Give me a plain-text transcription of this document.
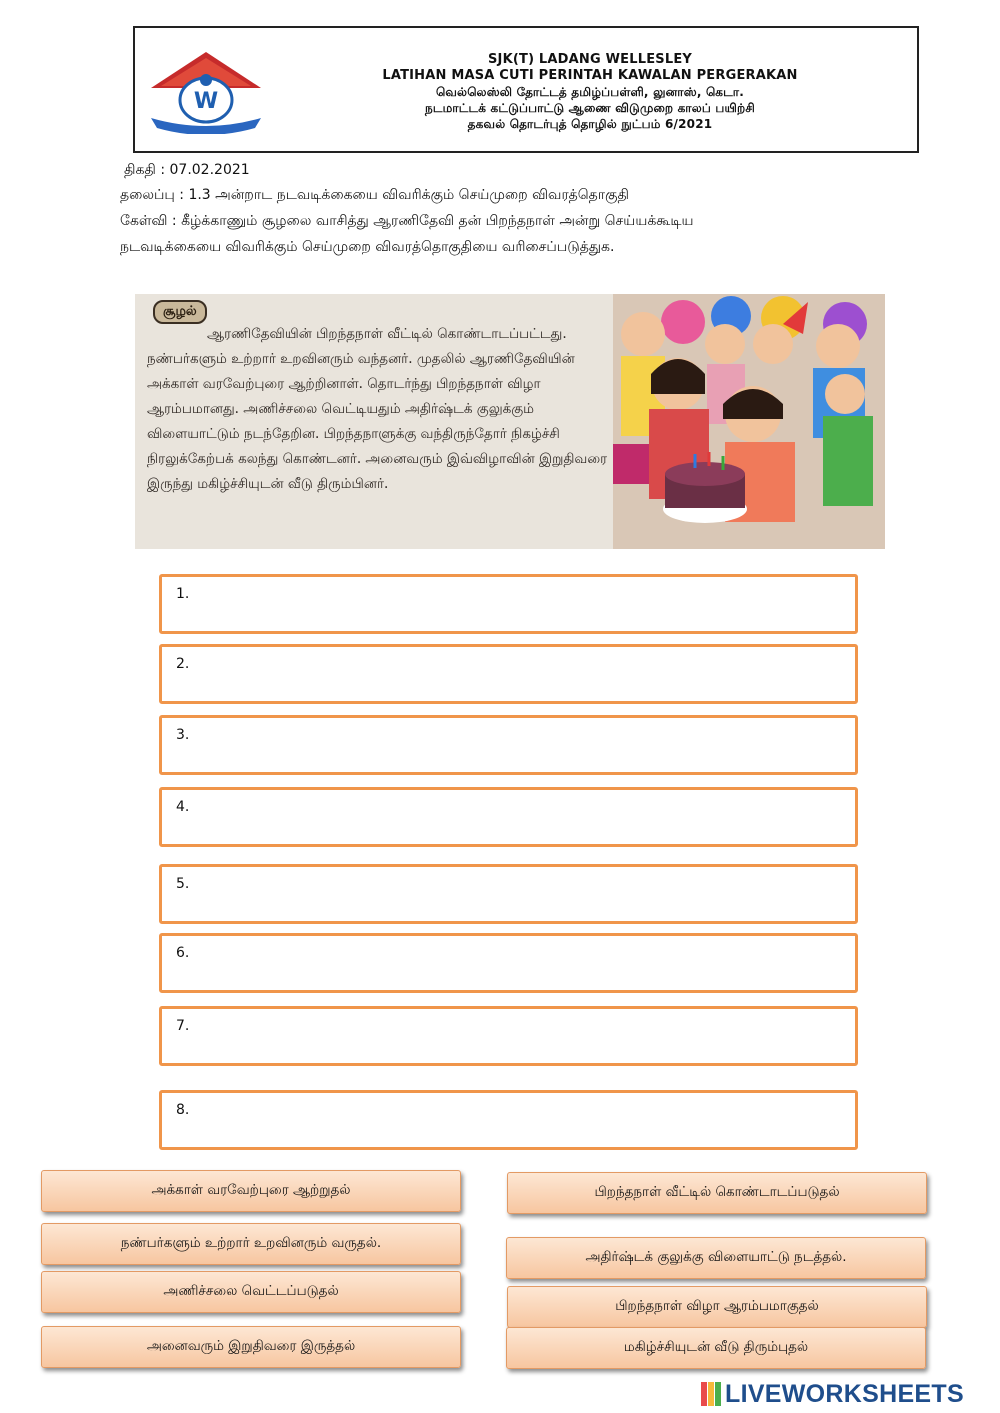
W
SJK(T) LADANG WELLESLEY
LATIHAN MASA CUTI PERINTAH KAWALAN PERGERAKAN
வெல்லெஸ்லி தோட்டத் தமிழ்ப்பள்ளி, லுனாஸ், கெடா.
நடமாட்டக் கட்டுப்பாட்டு ஆணை விடுமுறை காலப் பயிற்சி
தகவல் தொடர்புத் தொழில் நுட்பம் 6/2021
திகதி : 07.02.2021
தலைப்பு : 1.3 அன்றாட நடவடிக்கையை விவரிக்கும் செய்முறை விவரத்தொகுதி
கேள்வி : கீழ்க்காணும் சூழலை வாசித்து ஆரணிதேவி தன் பிறந்தநாள் அன்று செய்யக்கூடிய
நடவடிக்கையை விவரிக்கும் செய்முறை விவரத்தொகுதியை வரிசைப்படுத்துக.
சூழல்
ஆரணிதேவியின் பிறந்தநாள் வீட்டில் கொண்டாடப்பட்டது. நண்பர்களும் உற்றார் உறவினரும் வந்தனர். முதலில் ஆரணிதேவியின் அக்காள் வரவேற்புரை ஆற்றினாள். தொடர்ந்து பிறந்தநாள் விழா ஆரம்பமானது. அணிச்சலை வெட்டியதும் அதிர்ஷ்டக் குலுக்கும் விளையாட்டும் நடந்தேறின. பிறந்தநாளுக்கு வந்திருந்தோர் நிகழ்ச்சி நிரலுக்கேற்பக் கலந்து கொண்டனர். அனைவரும் இவ்விழாவின் இறுதிவரை இருந்து மகிழ்ச்சியுடன் வீடு திரும்பினர்.
1.
2.
3.
4.
5.
6.
7.
8.
அக்காள் வரவேற்புரை ஆற்றுதல்
நண்பர்களும் உற்றார் உறவினரும் வருதல்.
அணிச்சலை வெட்டப்படுதல்
அனைவரும் இறுதிவரை இருத்தல்
பிறந்தநாள் வீட்டில் கொண்டாடப்படுதல்
அதிர்ஷ்டக் குலுக்கு விளையாட்டு நடத்தல்.
பிறந்தநாள் விழா ஆரம்பமாகுதல்
மகிழ்ச்சியுடன் வீடு திரும்புதல்
LIVEWORKSHEETS
